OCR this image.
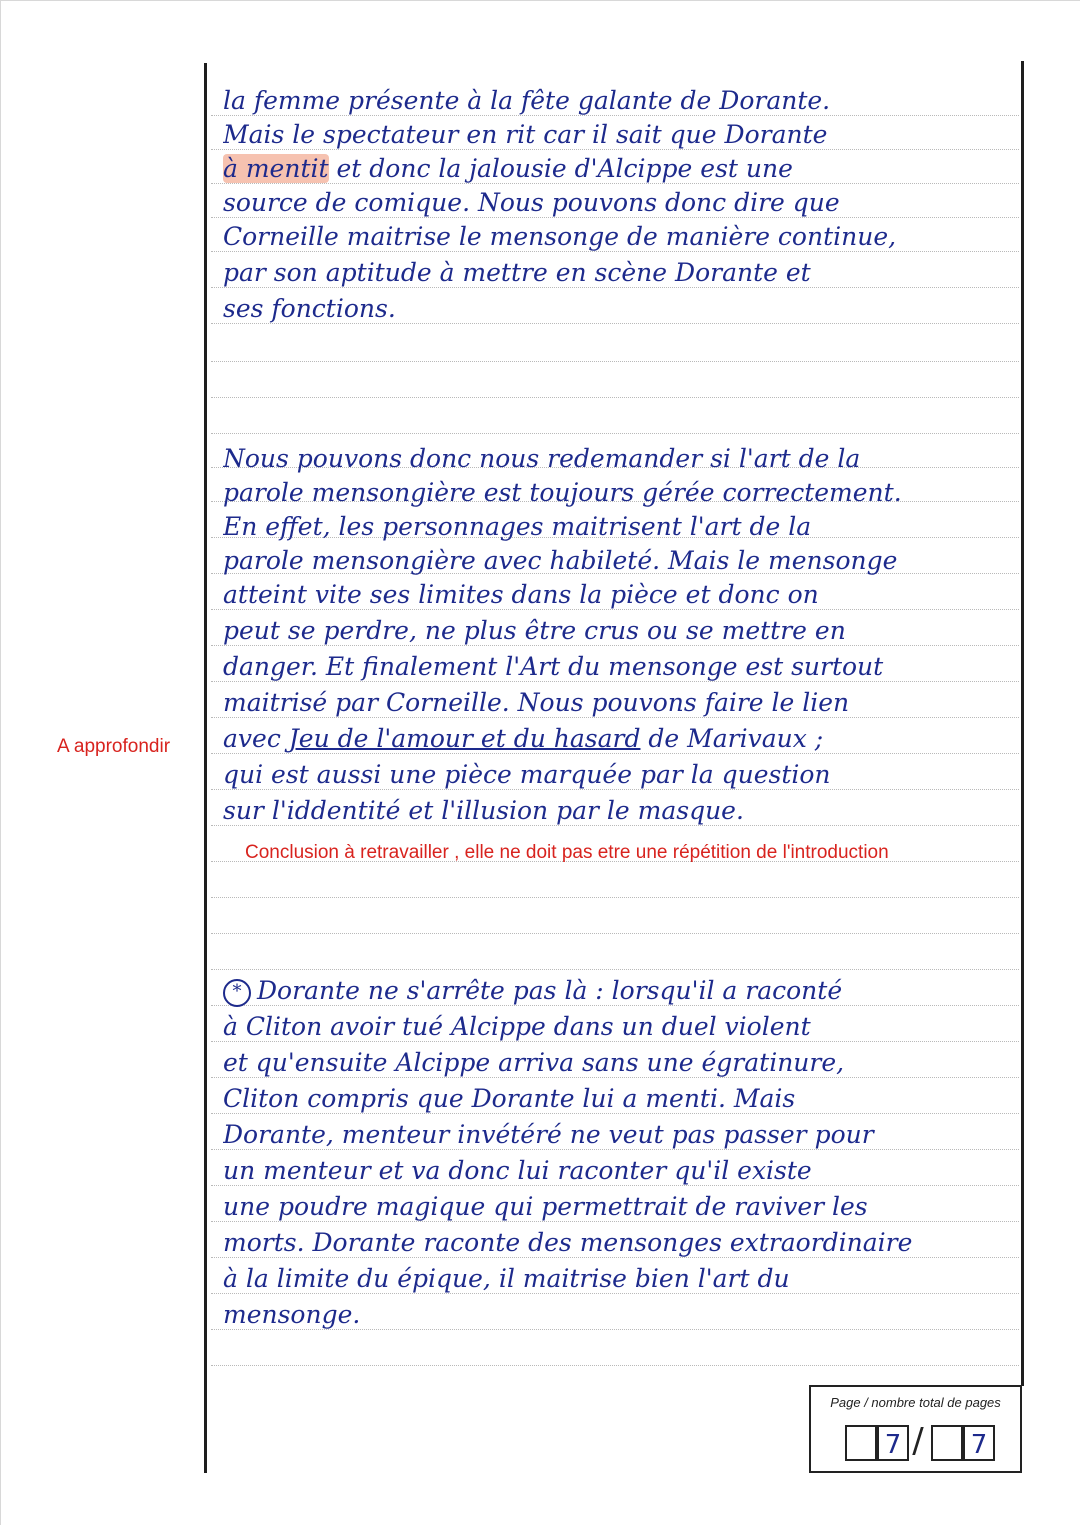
A approfondir
la femme présente à la fête galante de Dorante.
Mais le spectateur en rit car il sait que Dorante
à mentit et donc la jalousie d'Alcippe est une
source de comique. Nous pouvons donc dire que
Corneille maitrise le mensonge de manière continue,
par son aptitude à mettre en scène Dorante et
ses fonctions.
Nous pouvons donc nous redemander si l'art de la
parole mensongière est toujours gérée correctement.
En effet, les personnages maitrisent l'art de la
parole mensongière avec habileté. Mais le mensonge
atteint vite ses limites dans la pièce et donc on
peut se perdre, ne plus être crus ou se mettre en
danger. Et finalement l'Art du mensonge est surtout
maitrisé par Corneille. Nous pouvons faire le lien
avec Jeu de l'amour et du hasard de Marivaux ;
qui est aussi une pièce marquée par la question
sur l'iddentité et l'illusion par le masque.
* Dorante ne s'arrête pas là : lorsqu'il a raconté
à Cliton avoir tué Alcippe dans un duel violent
et qu'ensuite Alcippe arriva sans une égratinure,
Cliton compris que Dorante lui a menti. Mais
Dorante, menteur invétéré ne veut pas passer pour
un menteur et va donc lui raconter qu'il existe
une poudre magique qui permettrait de raviver les
morts. Dorante raconte des mensonges extraordinaire
à la limite du épique, il maitrise bien l'art du
mensonge.
Conclusion à retravailler , elle ne doit pas etre une répétition de l'introduction
Page / nombre total de pages
7 / 7
